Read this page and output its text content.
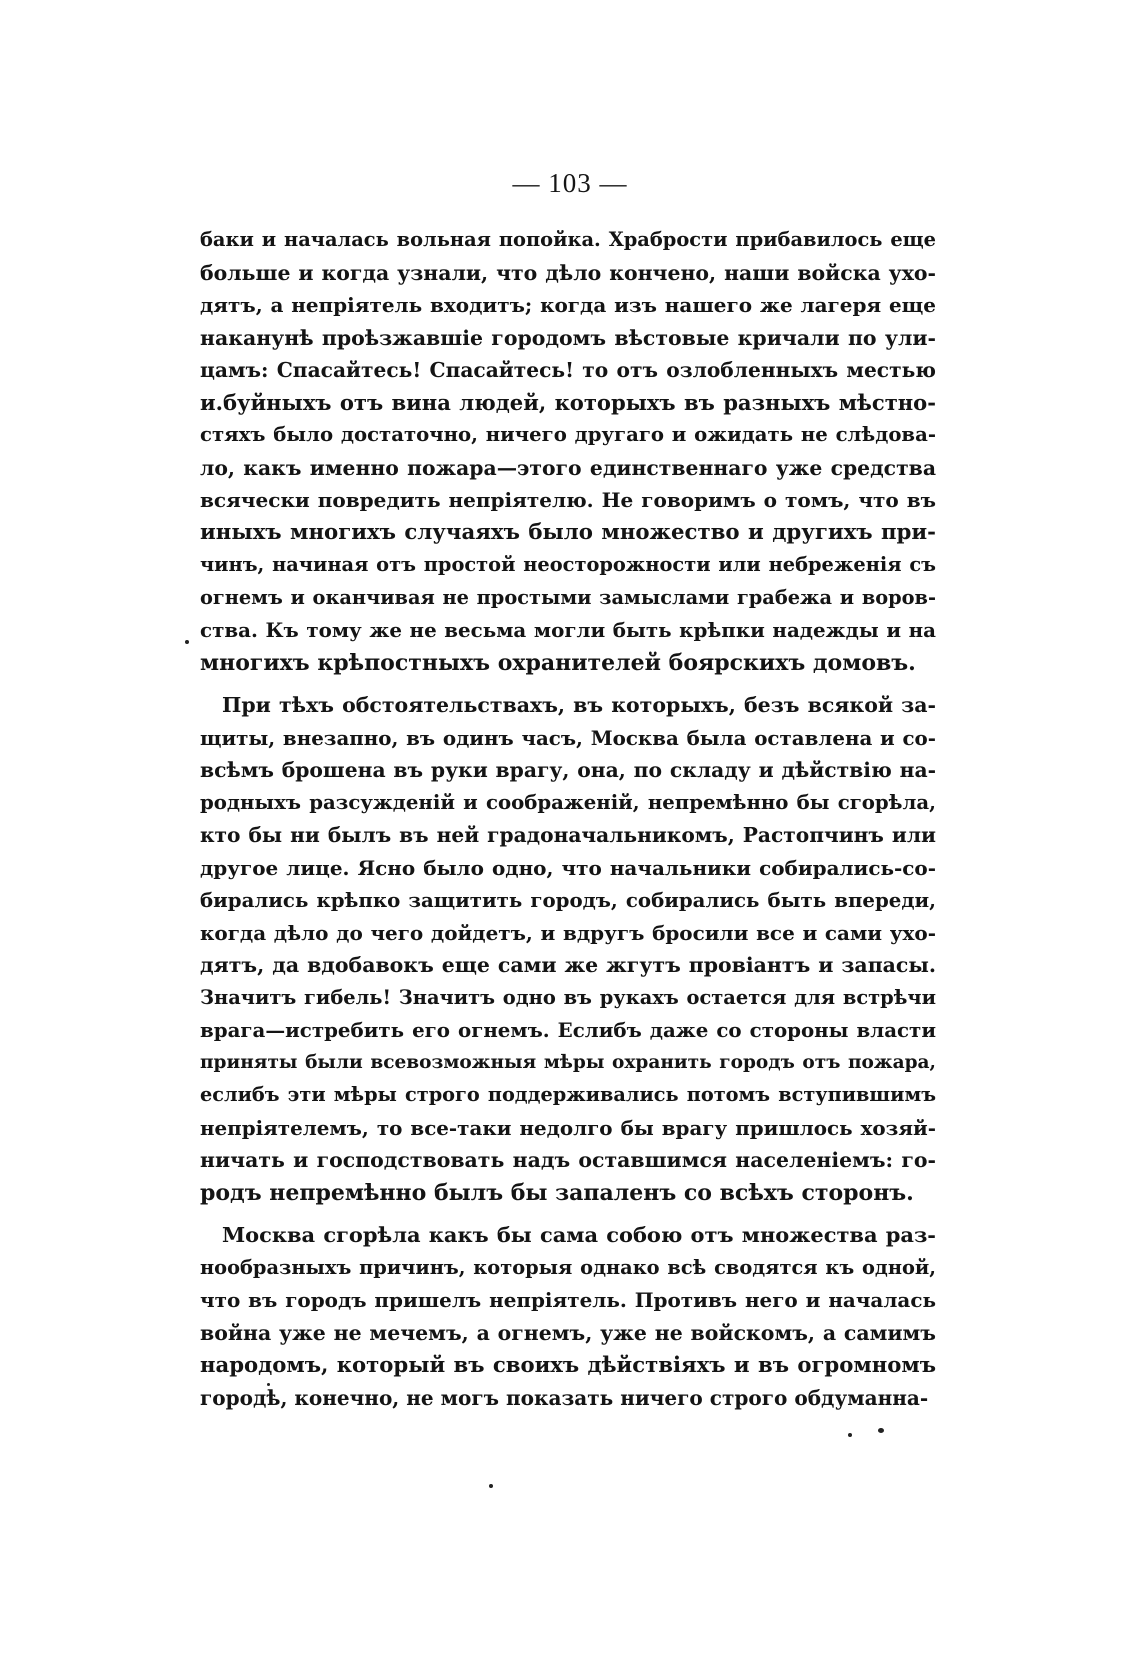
— 103 —
баки и началась вольная попойка. Храбрости прибавилось еще
больше и когда узнали, что дѣло кончено, наши войска ухо-
дятъ, а непріятель входитъ; когда изъ нашего же лагеря еще
наканунѣ проѣзжавшіе городомъ вѣстовые кричали по ули-
цамъ: Спасайтесь! Спасайтесь! то отъ озлобленныхъ местью
и.буйныхъ отъ вина людей, которыхъ въ разныхъ мѣстно-
стяхъ было достаточно, ничего другаго и ожидать не слѣдова-
ло, какъ именно пожара—этого единственнаго уже средства
всячески повредить непріятелю. Не говоримъ о томъ, что въ
иныхъ многихъ случаяхъ было множество и другихъ при-
чинъ, начиная отъ простой неосторожности или небреженія съ
огнемъ и оканчивая не простыми замыслами грабежа и воров-
ства. Къ тому же не весьма могли быть крѣпки надежды и на
многихъ крѣпостныхъ охранителей боярскихъ домовъ.
При тѣхъ обстоятельствахъ, въ которыхъ, безъ всякой за-
щиты, внезапно, въ одинъ часъ, Москва была оставлена и со-
всѣмъ брошена въ руки врагу, она, по складу и дѣйствію на-
родныхъ разсужденій и соображеній, непремѣнно бы сгорѣла,
кто бы ни былъ въ ней градоначальникомъ, Растопчинъ или
другое лице. Ясно было одно, что начальники собирались-со-
бирались крѣпко защитить городъ, собирались быть впереди,
когда дѣло до чего дойдетъ, и вдругъ бросили все и сами ухо-
дятъ, да вдобавокъ еще сами же жгутъ провіантъ и запасы.
Значитъ гибель! Значитъ одно въ рукахъ остается для встрѣчи
врага—истребить его огнемъ. Еслибъ даже со стороны власти
приняты были всевозможныя мѣры охранить городъ отъ пожара,
еслибъ эти мѣры строго поддерживались потомъ вступившимъ
непріятелемъ, то все-таки недолго бы врагу пришлось хозяй-
ничать и господствовать надъ оставшимся населеніемъ: го-
родъ непремѣнно былъ бы запаленъ со всѣхъ сторонъ.
Москва сгорѣла какъ бы сама собою отъ множества раз-
нообразныхъ причинъ, которыя однако всѣ сводятся къ одной,
что въ городъ пришелъ непріятель. Противъ него и началась
война уже не мечемъ, а огнемъ, уже не войскомъ, а самимъ
народомъ, который въ своихъ дѣйствіяхъ и въ огромномъ
городѣ, конечно, не могъ показать ничего строго обдуманна-
